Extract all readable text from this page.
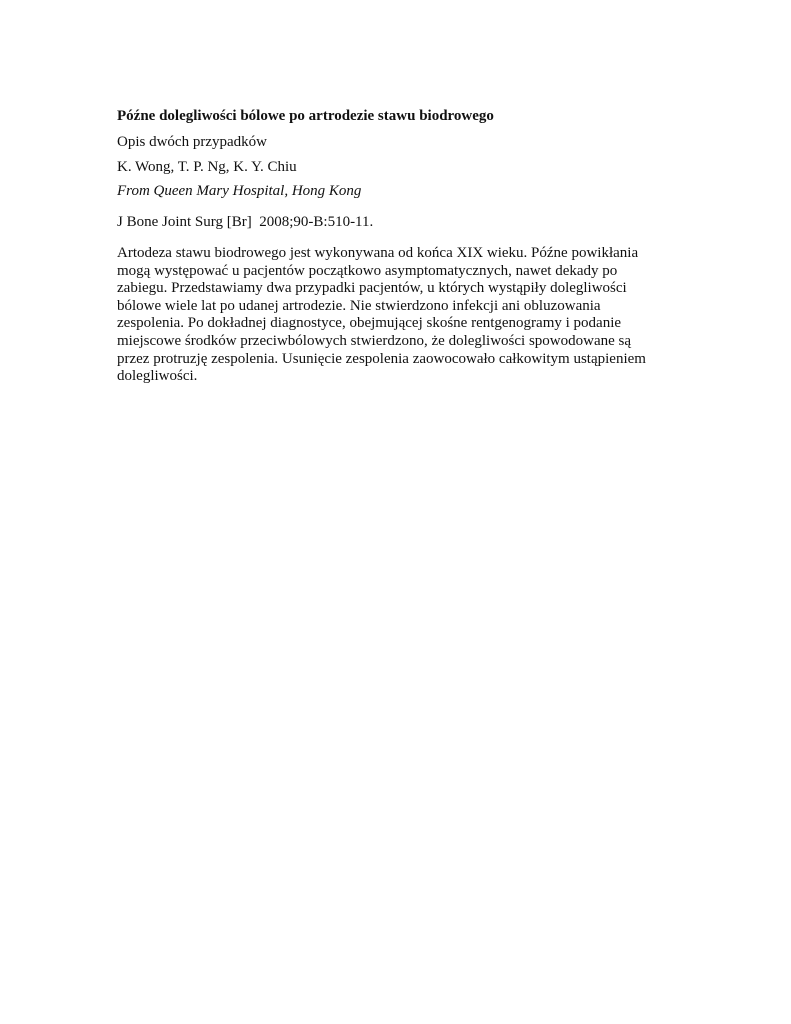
Późne dolegliwości bólowe po artrodezie stawu biodrowego

Opis dwóch przypadków

K. Wong, T. P. Ng, K. Y. Chiu

From Queen Mary Hospital, Hong Kong

J Bone Joint Surg [Br]  2008;90-B:510-11.

Artodeza stawu biodrowego jest wykonywana od końca XIX wieku. Późne powikłania
mogą występować u pacjentów początkowo asymptomatycznych, nawet dekady po
zabiegu. Przedstawiamy dwa przypadki pacjentów, u których wystąpiły dolegliwości
bólowe wiele lat po udanej artrodezie. Nie stwierdzono infekcji ani obluzowania
zespolenia. Po dokładnej diagnostyce, obejmującej skośne rentgenogramy i podanie
miejscowe środków przeciwbólowych stwierdzono, że dolegliwości spowodowane są
przez protruzję zespolenia. Usunięcie zespolenia zaowocowało całkowitym ustąpieniem
dolegliwości.
